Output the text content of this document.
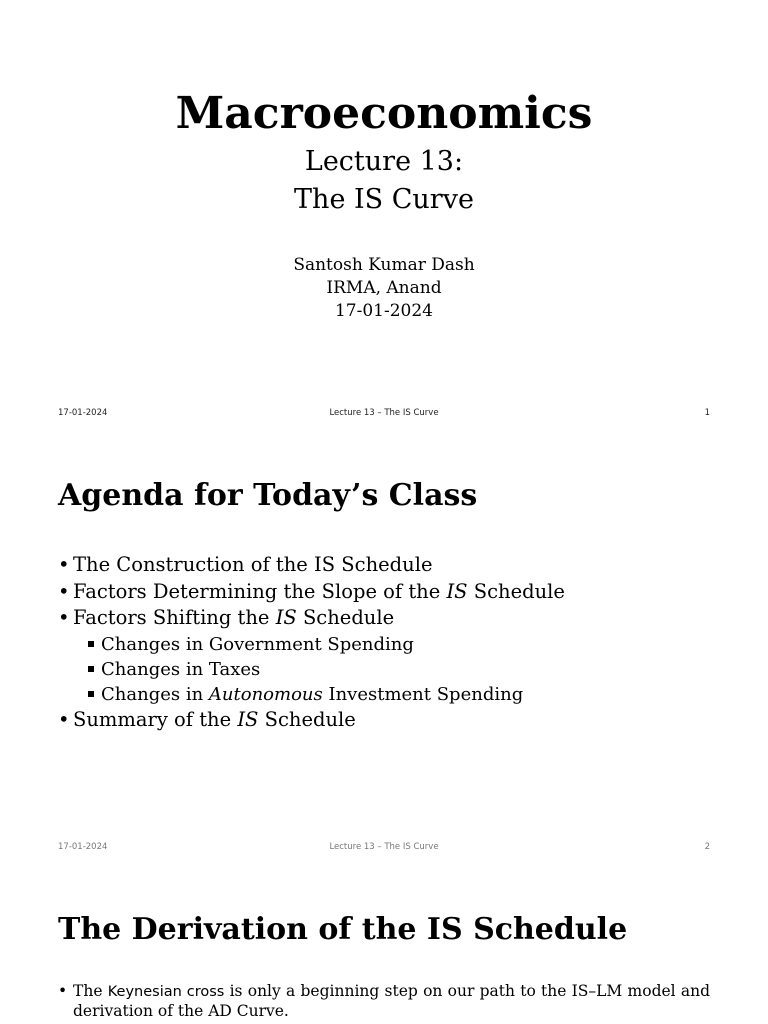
Macroeconomics
Lecture 13:
The IS Curve
Santosh Kumar Dash
IRMA, Anand
17-01-2024
17-01-2024	Lecture 13 – The IS Curve	1
Agenda for Today’s Class
• The Construction of the IS Schedule
• Factors Determining the Slope of the IS Schedule
• Factors Shifting the IS Schedule
Changes in Government Spending
Changes in Taxes
Changes in Autonomous Investment Spending
• Summary of the IS Schedule
17-01-2024	Lecture 13 – The IS Curve	2
The Derivation of the IS Schedule
• The Keynesian cross is only a beginning step on our path to the IS–LM model and derivation of the AD Curve.
